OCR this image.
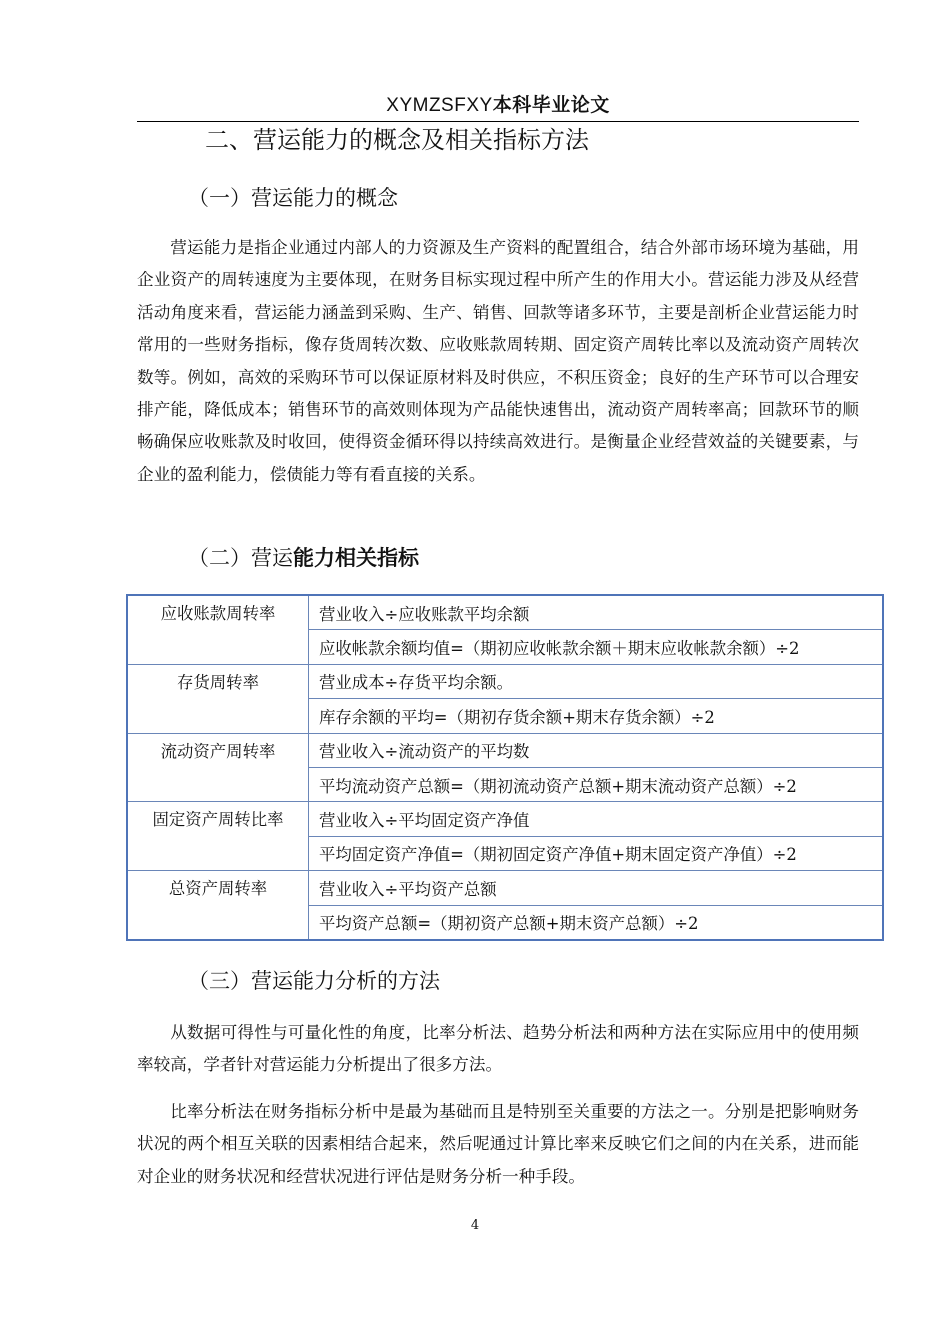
XYMZSFXY本科毕业论文
二、营运能力的概念及相关指标方法
（一）营运能力的概念
营运能力是指企业通过内部人的力资源及生产资料的配置组合，结合外部市场环境为基础，用企业资产的周转速度为主要体现，在财务目标实现过程中所产生的作用大小。营运能力涉及从经营活动角度来看，营运能力涵盖到采购、生产、销售、回款等诸多环节，主要是剖析企业营运能力时常用的一些财务指标，像存货周转次数、应收账款周转期、固定资产周转比率以及流动资产周转次数等。例如，高效的采购环节可以保证原材料及时供应，不积压资金；良好的生产环节可以合理安排产能，降低成本；销售环节的高效则体现为产品能快速售出，流动资产周转率高；回款环节的顺畅确保应收账款及时收回，使得资金循环得以持续高效进行。是衡量企业经营效益的关键要素，与企业的盈利能力，偿债能力等有看直接的关系。
（二）营运能力相关指标
应收账款周转率	营业收入÷应收账款平均余额
	应收帐款余额均值=（期初应收帐款余额＋期末应收帐款余额）÷2
存货周转率	营业成本÷存货平均余额。
	库存余额的平均=（期初存货余额+期末存货余额）÷2
流动资产周转率	营业收入÷流动资产的平均数
	平均流动资产总额=（期初流动资产总额+期末流动资产总额）÷2
固定资产周转比率	营业收入÷平均固定资产净值
	平均固定资产净值=（期初固定资产净值+期末固定资产净值）÷2
总资产周转率	营业收入÷平均资产总额
	平均资产总额=（期初资产总额+期末资产总额）÷2
（三）营运能力分析的方法
从数据可得性与可量化性的角度，比率分析法、趋势分析法和两种方法在实际应用中的使用频率较高，学者针对营运能力分析提出了很多方法。
比率分析法在财务指标分析中是最为基础而且是特别至关重要的方法之一。分别是把影响财务状况的两个相互关联的因素相结合起来，然后呢通过计算比率来反映它们之间的内在关系，进而能对企业的财务状况和经营状况进行评估是财务分析一种手段。
4
